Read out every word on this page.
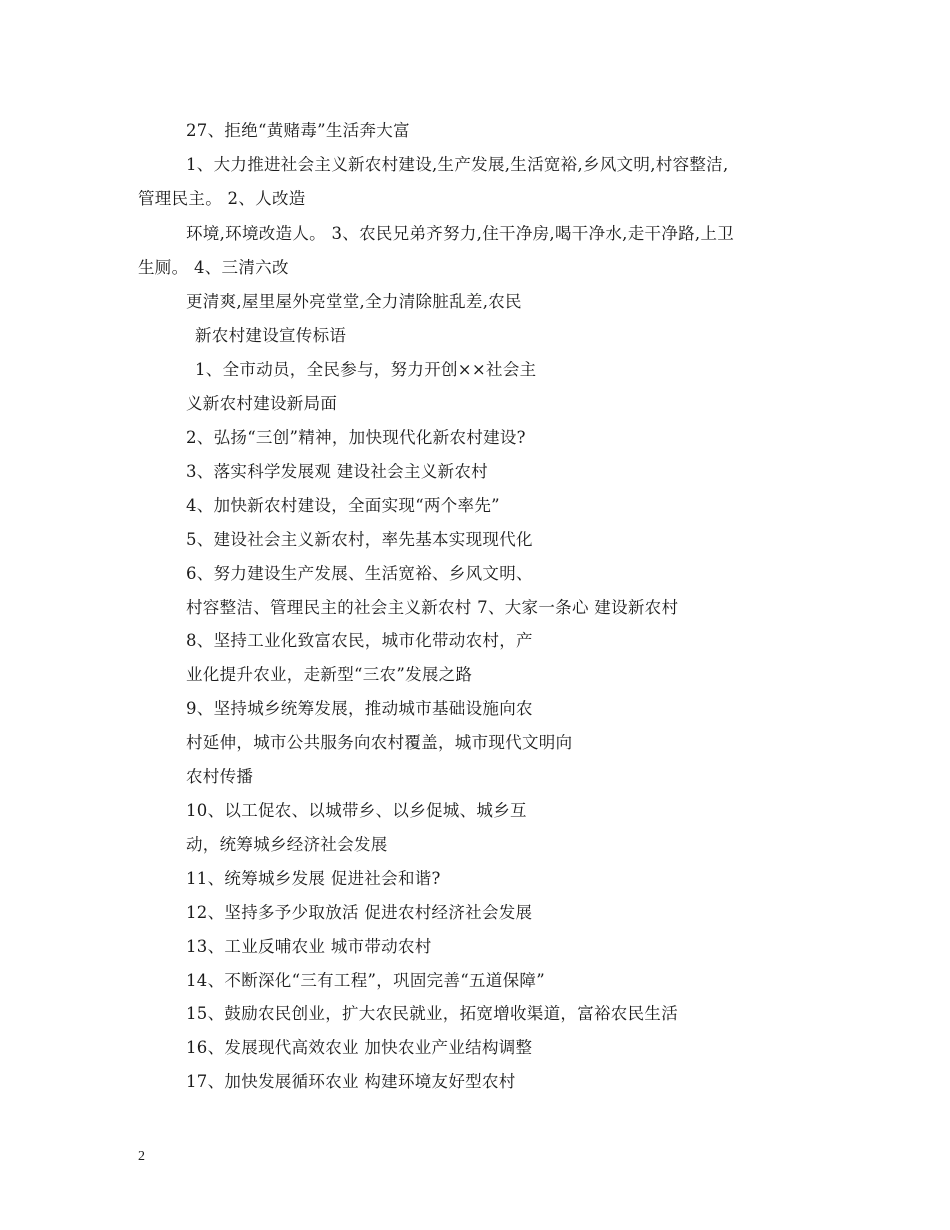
27、拒绝“黄赌毒”生活奔大富
1、大力推进社会主义新农村建设,生产发展,生活宽裕,乡风文明,村容整洁,
管理民主。 2、人改造
环境,环境改造人。 3、农民兄弟齐努力,住干净房,喝干净水,走干净路,上卫
生厕。 4、三清六改
更清爽,屋里屋外亮堂堂,全力清除脏乱差,农民
新农村建设宣传标语
1、全市动员，全民参与，努力开创××社会主
义新农村建设新局面
2、弘扬“三创”精神，加快现代化新农村建设?
3、落实科学发展观 建设社会主义新农村
4、加快新农村建设，全面实现“两个率先”
5、建设社会主义新农村，率先基本实现现代化
6、努力建设生产发展、生活宽裕、乡风文明、
村容整洁、管理民主的社会主义新农村 7、大家一条心 建设新农村
8、坚持工业化致富农民，城市化带动农村，产
业化提升农业，走新型“三农”发展之路
9、坚持城乡统筹发展，推动城市基础设施向农
村延伸，城市公共服务向农村覆盖，城市现代文明向
农村传播
10、以工促农、以城带乡、以乡促城、城乡互
动，统筹城乡经济社会发展
11、统筹城乡发展 促进社会和谐?
12、坚持多予少取放活 促进农村经济社会发展
13、工业反哺农业 城市带动农村
14、不断深化“三有工程”，巩固完善“五道保障”
15、鼓励农民创业，扩大农民就业，拓宽增收渠道，富裕农民生活
16、发展现代高效农业 加快农业产业结构调整
17、加快发展循环农业 构建环境友好型农村
2
